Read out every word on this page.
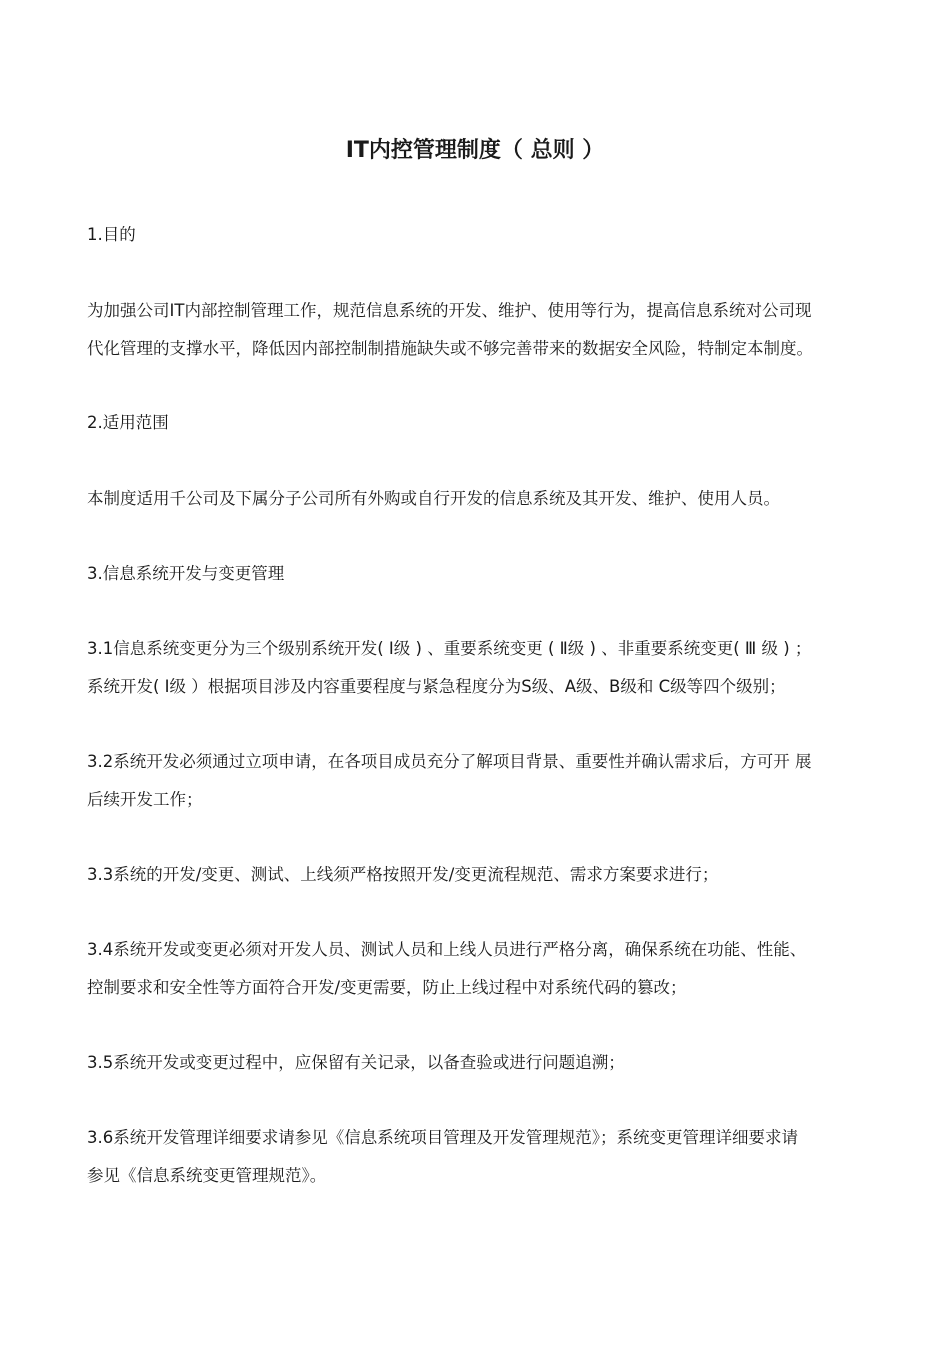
IT内控管理制度（ 总则 ）
1.目的
为加强公司IT内部控制管理工作，规范信息系统的开发、维护、使用等行为，提高信息系统对公司现
代化管理的支撑水平，降低因内部控制制措施缺失或不够完善带来的数据安全风险，特制定本制度。
2.适用范围
本制度适用千公司及下属分子公司所有外购或自行开发的信息系统及其开发、维护、使用人员。
3.信息系统开发与变更管理
3.1信息系统变更分为三个级别系统开发( I级 ) 、重要系统变更 ( Ⅱ级 ) 、非重要系统变更( Ⅲ 级 ) ；
系统开发( Ⅰ级 ）根据项目涉及内容重要程度与紧急程度分为S级、A级、B级和 C级等四个级别；
3.2系统开发必须通过立项申请，在各项目成员充分了解项目背景、重要性并确认需求后，方可开 展
后续开发工作；
3.3系统的开发/变更、测试、上线须严格按照开发/变更流程规范、需求方案要求进行；
3.4系统开发或变更必须对开发人员、测试人员和上线人员进行严格分离，确保系统在功能、性能、
控制要求和安全性等方面符合开发/变更需要，防止上线过程中对系统代码的篡改；
3.5系统开发或变更过程中，应保留有关记录，以备查验或进行问题追溯；
3.6系统开发管理详细要求请参见《信息系统项目管理及开发管理规范》；系统变更管理详细要求请
参见《信息系统变更管理规范》。
